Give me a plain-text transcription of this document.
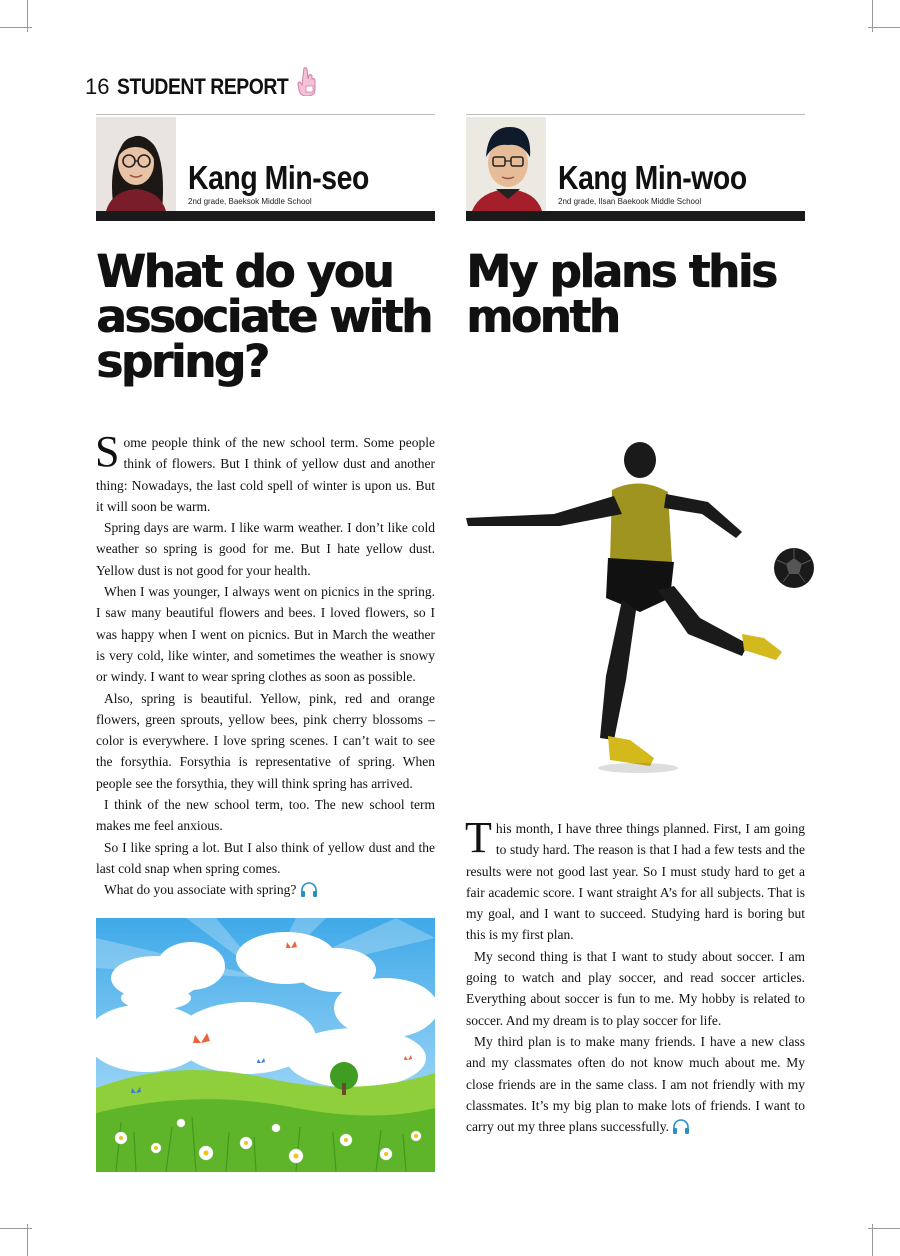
16 STUDENT REPORT
Kang Min-seo
2nd grade, Baeksok Middle School
What do you
associate with
spring?

Some people think of the new school term. Some people think of flowers. But I think of yellow dust and another thing: Nowadays, the last cold spell of winter is upon us. But it will soon be warm.

Spring days are warm. I like warm weather. I don’t like cold weather so spring is good for me. But I hate yellow dust. Yellow dust is not good for your health.

When I was younger, I always went on picnics in the spring. I saw many beautiful flowers and bees. I loved flowers, so I was happy when I went on picnics. But in March the weather is very cold, like winter, and sometimes the weather is snowy or windy. I want to wear spring clothes as soon as possible.

Also, spring is beautiful. Yellow, pink, red and orange flowers, green sprouts, yellow bees, pink cherry blossoms – color is everywhere. I love spring scenes. I can’t wait to see the forsythia. Forsythia is representative of spring. When people see the forsythia, they will think spring has arrived.

I think of the new school term, too. The new school term makes me feel anxious.

So I like spring a lot. But I also think of yellow dust and the last cold snap when spring comes.

What do you associate with spring?

Kang Min-woo
2nd grade, Ilsan Baekook Middle School
My plans this
month

This month, I have three things planned. First, I am going to study hard. The reason is that I had a few tests and the results were not good last year. So I must study hard to get a fair academic score. I want straight A’s for all subjects. That is my goal, and I want to succeed. Studying hard is boring but this is my first plan.

My second thing is that I want to study about soccer. I am going to watch and play soccer, and read soccer articles. Everything about soccer is fun to me. My hobby is related to soccer. And my dream is to play soccer for life.

My third plan is to make many friends. I have a new class and my classmates often do not know much about me. My close friends are in the same class. I am not friendly with my classmates. It’s my big plan to make lots of friends. I want to carry out my three plans successfully.
